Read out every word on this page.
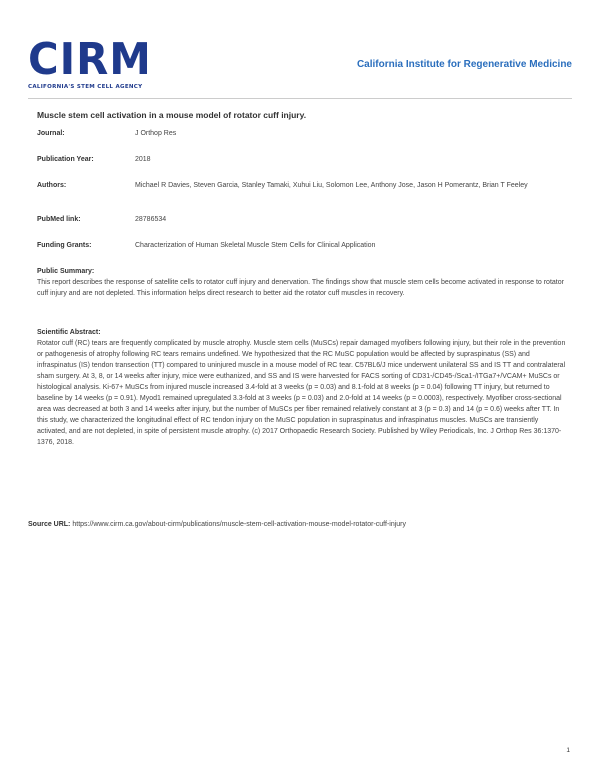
CIRM
CALIFORNIA'S STEM CELL AGENCY
California Institute for Regenerative Medicine
Muscle stem cell activation in a mouse model of rotator cuff injury.
Journal:	J Orthop Res
Publication Year:	2018
Authors:	Michael R Davies, Steven Garcia, Stanley Tamaki, Xuhui Liu, Solomon Lee, Anthony Jose, Jason H Pomerantz, Brian T Feeley
PubMed link:	28786534
Funding Grants:	Characterization of Human Skeletal Muscle Stem Cells for Clinical Application
Public Summary:
This report describes the response of satellite cells to rotator cuff injury and denervation. The findings show that muscle stem cells become activated in response to rotator cuff injury and are not depleted. This information helps direct research to better aid the rotator cuff muscles in recovery.
Scientific Abstract:
Rotator cuff (RC) tears are frequently complicated by muscle atrophy. Muscle stem cells (MuSCs) repair damaged myofibers following injury, but their role in the prevention or pathogenesis of atrophy following RC tears remains undefined. We hypothesized that the RC MuSC population would be affected by supraspinatus (SS) and infraspinatus (IS) tendon transection (TT) compared to uninjured muscle in a mouse model of RC tear. C57BL6/J mice underwent unilateral SS and IS TT and contralateral sham surgery. At 3, 8, or 14 weeks after injury, mice were euthanized, and SS and IS were harvested for FACS sorting of CD31-/CD45-/Sca1-/ITGa7+/VCAM+ MuSCs or histological analysis. Ki-67+ MuSCs from injured muscle increased 3.4-fold at 3 weeks (p = 0.03) and 8.1-fold at 8 weeks (p = 0.04) following TT injury, but returned to baseline by 14 weeks (p = 0.91). Myod1 remained upregulated 3.3-fold at 3 weeks (p = 0.03) and 2.0-fold at 14 weeks (p = 0.0003), respectively. Myofiber cross-sectional area was decreased at both 3 and 14 weeks after injury, but the number of MuSCs per fiber remained relatively constant at 3 (p = 0.3) and 14 (p = 0.6) weeks after TT. In this study, we characterized the longitudinal effect of RC tendon injury on the MuSC population in supraspinatus and infraspinatus muscles. MuSCs are transiently activated, and are not depleted, in spite of persistent muscle atrophy. (c) 2017 Orthopaedic Research Society. Published by Wiley Periodicals, Inc. J Orthop Res 36:1370-1376, 2018.
Source URL: https://www.cirm.ca.gov/about-cirm/publications/muscle-stem-cell-activation-mouse-model-rotator-cuff-injury
1
